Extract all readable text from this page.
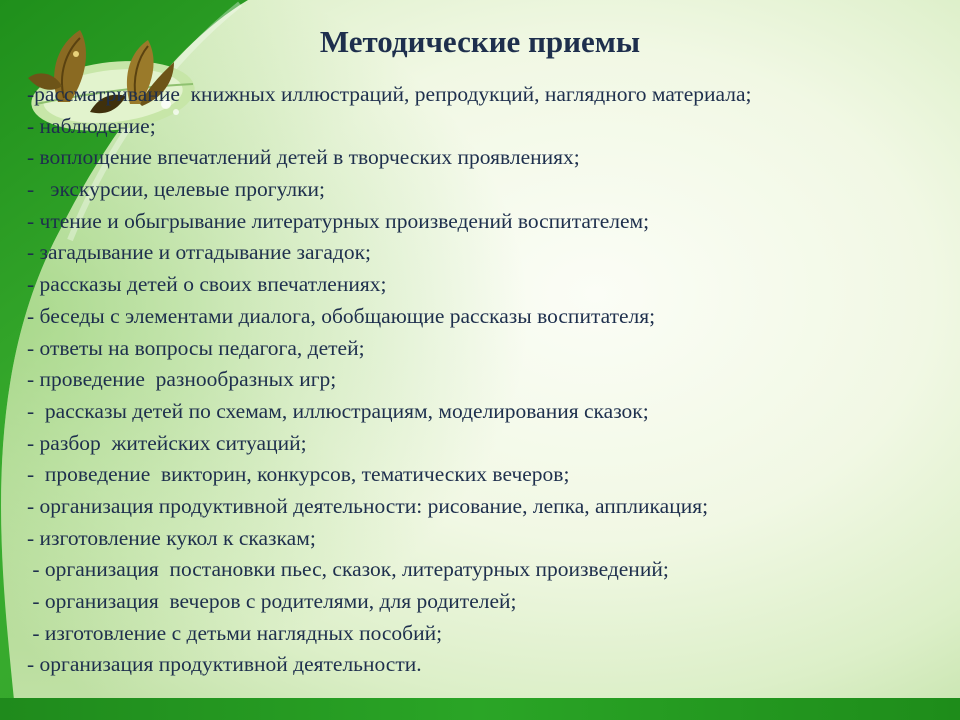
Методические приемы
-рассматривание  книжных иллюстраций, репродукций, наглядного материала;
- наблюдение;
- воплощение впечатлений детей в творческих проявлениях;
-   экскурсии, целевые прогулки;
- чтение и обыгрывание литературных произведений воспитателем;
- загадывание и отгадывание загадок;
- рассказы детей о своих впечатлениях;
- беседы с элементами диалога, обобщающие рассказы воспитателя;
- ответы на вопросы педагога, детей;
- проведение  разнообразных игр;
-  рассказы детей по схемам, иллюстрациям, моделирования сказок;
- разбор  житейских ситуаций;
-  проведение  викторин, конкурсов, тематических вечеров;
- организация продуктивной деятельности: рисование, лепка, аппликация;
- изготовление кукол к сказкам;
- организация  постановки пьес, сказок, литературных произведений;
- организация  вечеров с родителями, для родителей;
- изготовление с детьми наглядных пособий;
- организация продуктивной деятельности.
